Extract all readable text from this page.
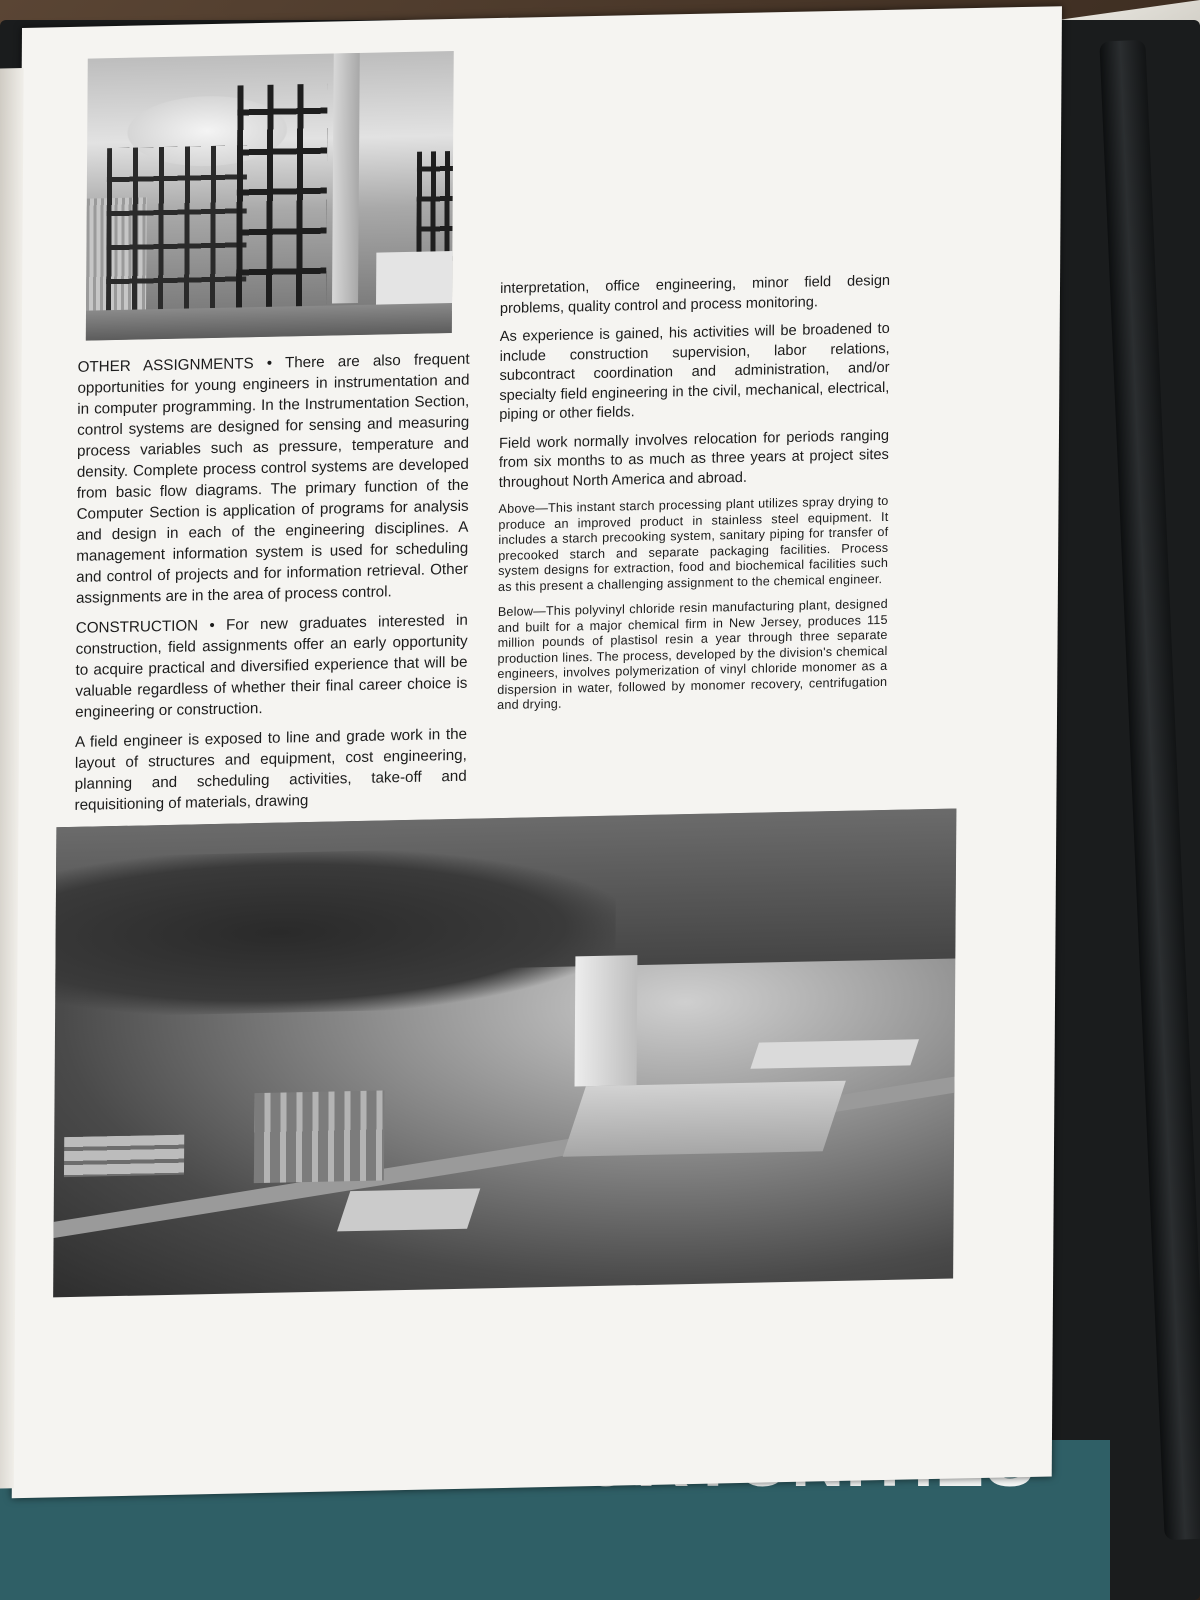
OTHER ASSIGNMENTS • There are also frequent opportunities for young engineers in instrumentation and in computer programming. In the Instrumentation Section, control systems are designed for sensing and measuring process variables such as pressure, temperature and density. Complete process control systems are developed from basic flow diagrams. The primary function of the Computer Section is application of programs for analysis and design in each of the engineering disciplines. A management information system is used for scheduling and control of projects and for information retrieval. Other assignments are in the area of process control.

CONSTRUCTION • For new graduates interested in construction, field assignments offer an early opportunity to acquire practical and diversified experience that will be valuable regardless of whether their final career choice is engineering or construction.

A field engineer is exposed to line and grade work in the layout of structures and equipment, cost engineering, planning and scheduling activities, take-off and requisitioning of materials, drawing

interpretation, office engineering, minor field design problems, quality control and process monitoring.

As experience is gained, his activities will be broadened to include construction supervision, labor relations, subcontract coordination and administration, and/or specialty field engineering in the civil, mechanical, electrical, piping or other fields.

Field work normally involves relocation for periods ranging from six months to as much as three years at project sites throughout North America and abroad.

Above—This instant starch processing plant utilizes spray drying to produce an improved product in stainless steel equipment. It includes a starch precooking system, sanitary piping for transfer of precooked starch and separate packaging facilities. Process system designs for extraction, food and biochemical facilities such as this present a challenging assignment to the chemical engineer.

Below—This polyvinyl chloride resin manufacturing plant, designed and built for a major chemical firm in New Jersey, produces 115 million pounds of plastisol resin a year through three separate production lines. The process, developed by the division's chemical engineers, involves polymerization of vinyl chloride monomer as a dispersion in water, followed by monomer recovery, centrifugation and drying.
